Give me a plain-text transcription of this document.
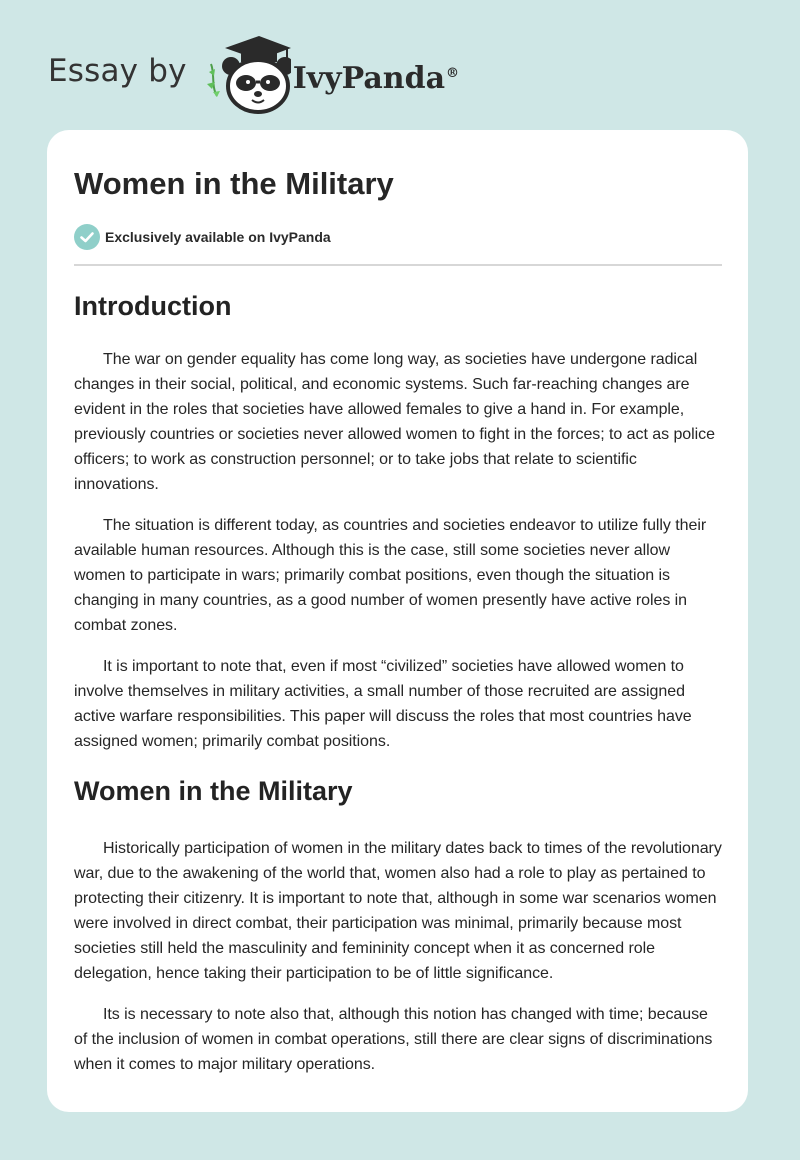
Essay by	IvyPanda®
Women in the Military
Exclusively available on IvyPanda
Introduction

The war on gender equality has come long way, as societies have undergone radical changes in their social, political, and economic systems. Such far-reaching changes are evident in the roles that societies have allowed females to give a hand in. For example, previously countries or societies never allowed women to fight in the forces; to act as police officers; to work as construction personnel; or to take jobs that relate to scientific innovations.

The situation is different today, as countries and societies endeavor to utilize fully their available human resources. Although this is the case, still some societies never allow women to participate in wars; primarily combat positions, even though the situation is changing in many countries, as a good number of women presently have active roles in combat zones.

It is important to note that, even if most “civilized” societies have allowed women to involve themselves in military activities, a small number of those recruited are assigned active warfare responsibilities. This paper will discuss the roles that most countries have assigned women; primarily combat positions.

Women in the Military

Historically participation of women in the military dates back to times of the revolutionary war, due to the awakening of the world that, women also had a role to play as pertained to protecting their citizenry. It is important to note that, although in some war scenarios women were involved in direct combat, their participation was minimal, primarily because most societies still held the masculinity and femininity concept when it as concerned role delegation, hence taking their participation to be of little significance.

Its is necessary to note also that, although this notion has changed with time; because of the inclusion of women in combat operations, still there are clear signs of discriminations when it comes to major military operations.
